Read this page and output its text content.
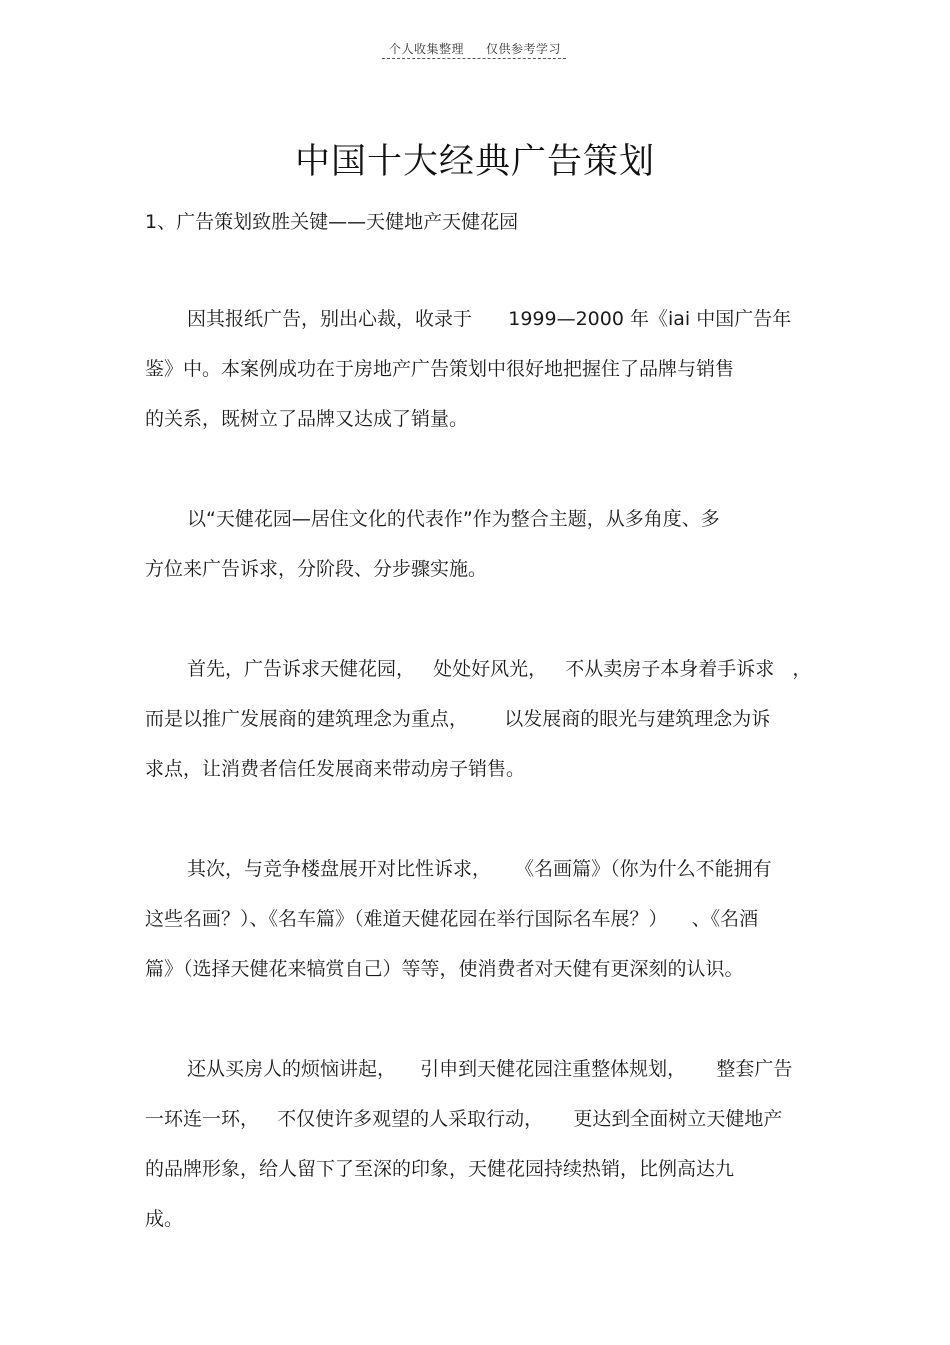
个人收集整理 仅供参考学习
中国十大经典广告策划

1、广告策划致胜关键——天健地产天健花园

因其报纸广告，别出心裁，收录于      1999—2000 年《iai 中国广告年
鉴》中。本案例成功在于房地产广告策划中很好地把握住了品牌与销售
的关系，既树立了品牌又达成了销量。
以“天健花园—居住文化的代表作”作为整合主题，从多角度、多
方位来广告诉求，分阶段、分步骤实施。
首先，广告诉求天健花园，   处处好风光，   不从卖房子本身着手诉求   ，
而是以推广发展商的建筑理念为重点，      以发展商的眼光与建筑理念为诉
求点，让消费者信任发展商来带动房子销售。
其次，与竞争楼盘展开对比性诉求，    《名画篇》（你为什么不能拥有
这些名画？）、《名车篇》（难道天健花园在举行国际名车展？）    、《名酒
篇》（选择天健花来犒赏自己）等等，使消费者对天健有更深刻的认识。
还从买房人的烦恼讲起，    引申到天健花园注重整体规划，     整套广告
一环连一环，   不仅使许多观望的人采取行动，     更达到全面树立天健地产
的品牌形象，给人留下了至深的印象，天健花园持续热销，比例高达九
成。
